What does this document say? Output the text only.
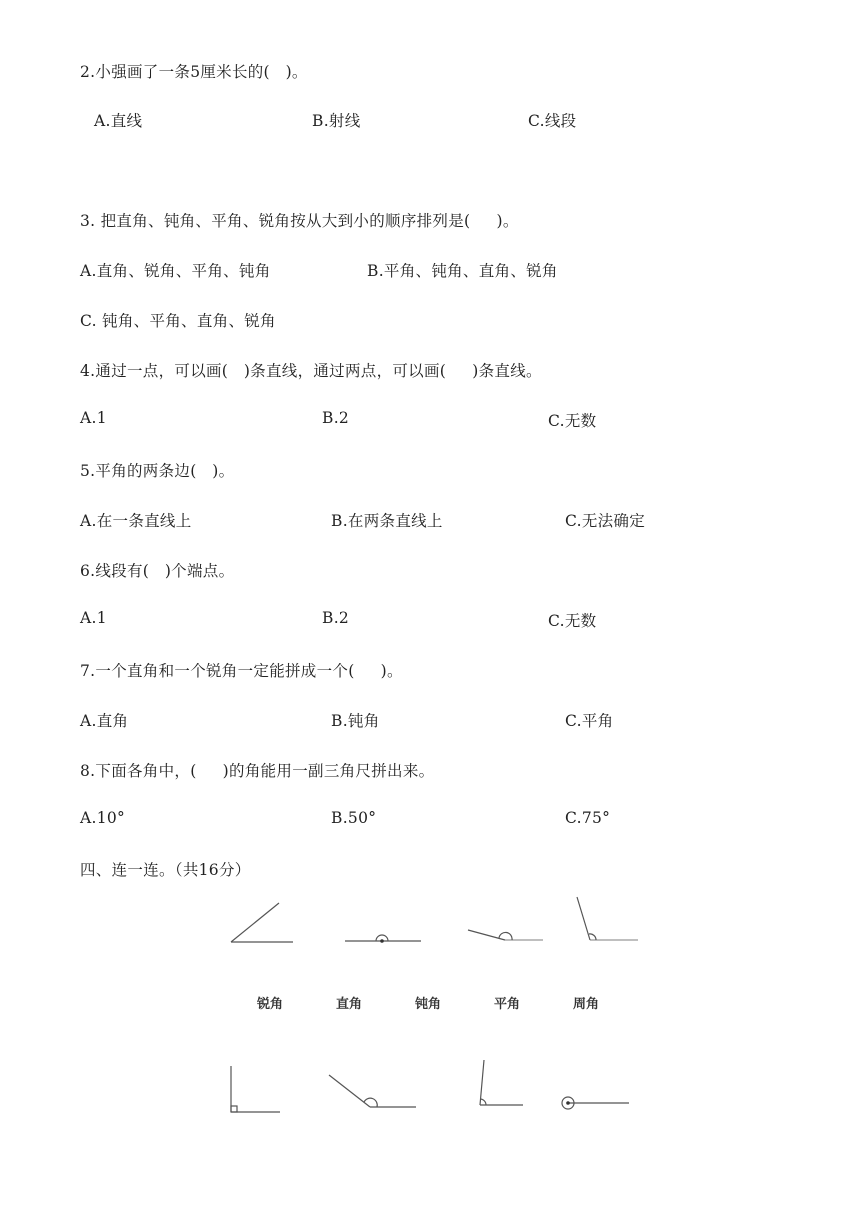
2.小强画了一条5厘米长的(   )。
A.直线	B.射线	C.线段
3. 把直角、钝角、平角、锐角按从大到小的顺序排列是(     )。
A.直角、锐角、平角、钝角	B.平角、钝角、直角、锐角
C. 钝角、平角、直角、锐角
4.通过一点，可以画(   )条直线，通过两点，可以画(     )条直线。
A.1	B.2	C.无数
5.平角的两条边(   )。
A.在一条直线上	B.在两条直线上	C.无法确定
6.线段有(   )个端点。
A.1	B.2	C.无数
7.一个直角和一个锐角一定能拼成一个(     )。
A.直角	B.钝角	C.平角
8.下面各角中，(     )的角能用一副三角尺拼出来。
A.10°	B.50°	C.75°
四、连一连。（共16分）
锐角	直角	钝角	平角	周角
